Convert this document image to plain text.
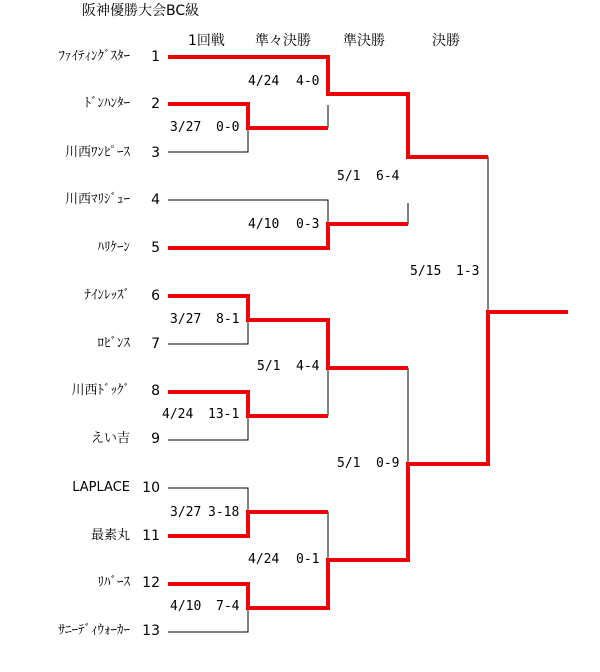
阪神優勝大会BC級
1回戦 準々決勝 準決勝	決勝
ﾌｧｲﾃｨﾝｸﾞｽﾀｰ	1
ﾄﾞﾝﾊﾝﾀｰ	2
川西ﾜﾝﾋﾟｰｽ	3
川西ﾏﾘｼﾞｭｰ	4
ﾊﾘｹｰﾝ	5
ﾅｲﾝﾚｯｽﾞ	6
ﾛﾋﾞﾝｽ	7
川西ﾄﾞｯｸﾞ	8
えい吉	9
LAPLACE 10
最素丸 11
ﾘﾊﾞｰｽ 12
ｻﾆｰﾃﾞｨｳｫｰｶｰ 13
3/27 0-0
3/27 8-1
4/24 13-1
3/27 3-18
4/10 7-4
4/24 4-0
4/10 0-3
5/1 4-4
4/24 0-1
5/1 6-4
5/1 0-9
5/15 1-3
